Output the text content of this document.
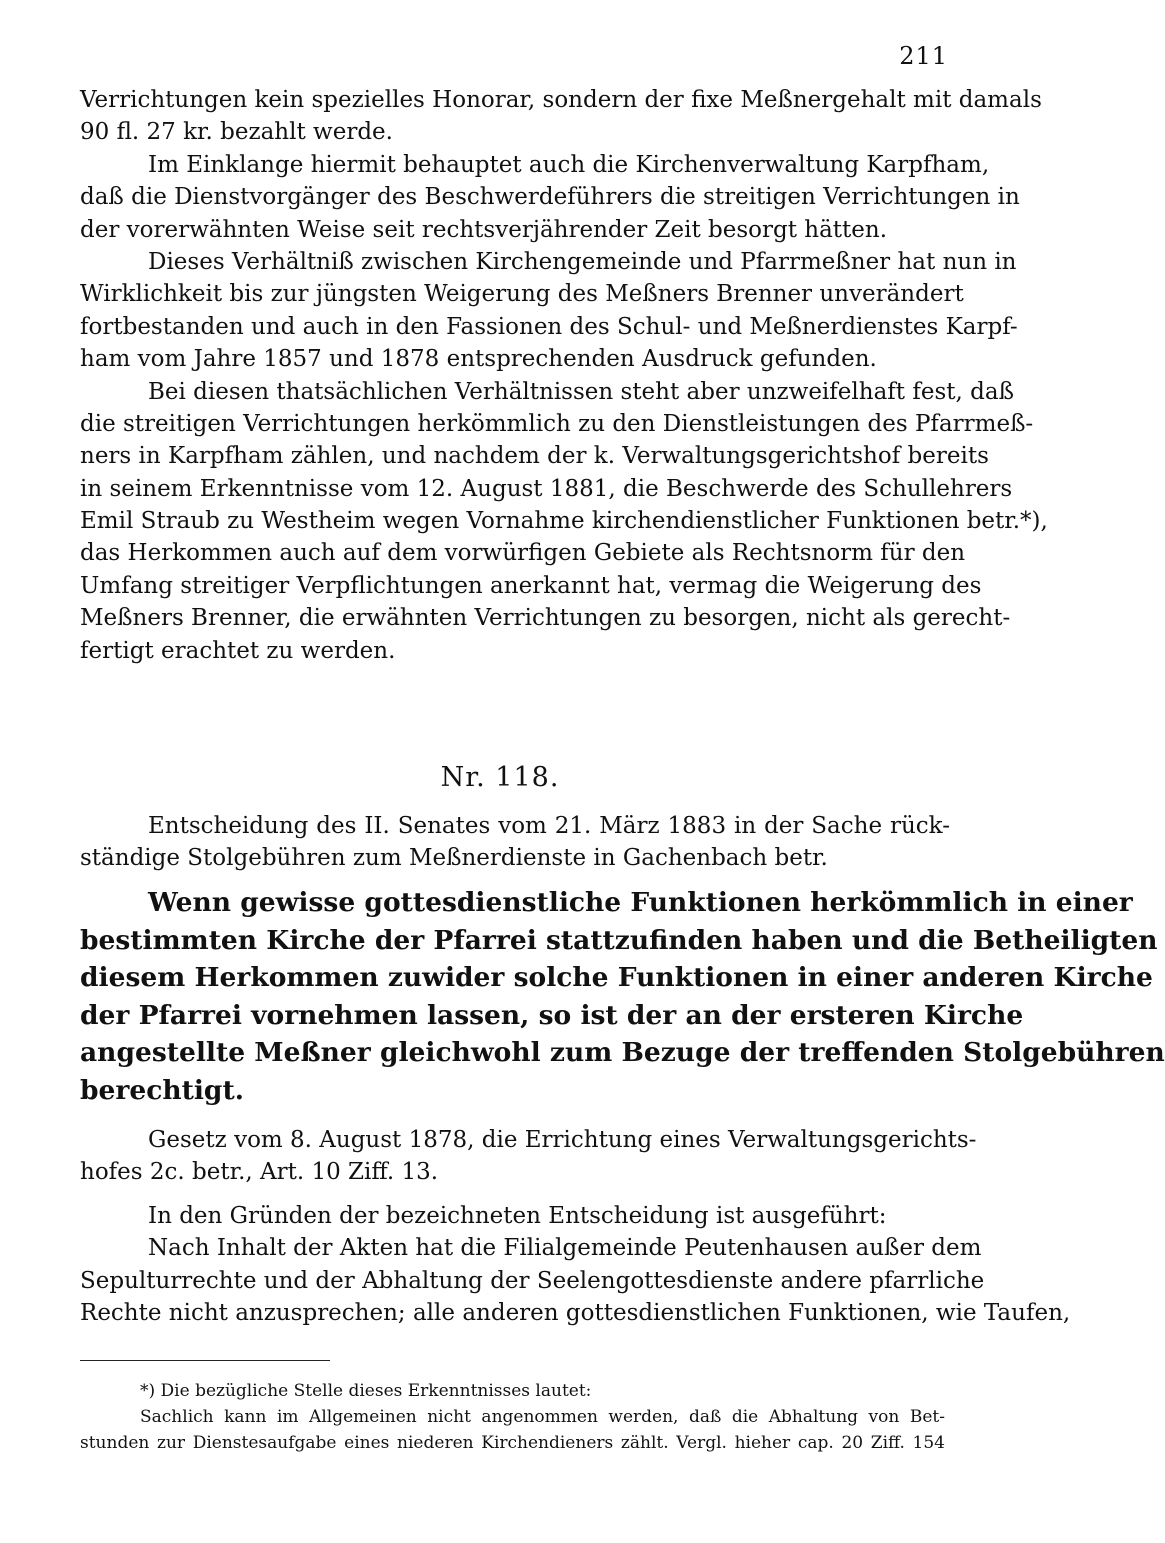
211
Verrichtungen kein spezielles Honorar, sondern der fixe Meßnergehalt mit damals
90 fl. 27 kr. bezahlt werde.
Im Einklange hiermit behauptet auch die Kirchenverwaltung Karpfham,
daß die Dienstvorgänger des Beschwerdeführers die streitigen Verrichtungen in
der vorerwähnten Weise seit rechtsverjährender Zeit besorgt hätten.
Dieses Verhältniß zwischen Kirchengemeinde und Pfarrmeßner hat nun in
Wirklichkeit bis zur jüngsten Weigerung des Meßners Brenner unverändert
fortbestanden und auch in den Fassionen des Schul- und Meßnerdienstes Karpf-
ham vom Jahre 1857 und 1878 entsprechenden Ausdruck gefunden.
Bei diesen thatsächlichen Verhältnissen steht aber unzweifelhaft fest, daß
die streitigen Verrichtungen herkömmlich zu den Dienstleistungen des Pfarrmeß-
ners in Karpfham zählen, und nachdem der k. Verwaltungsgerichtshof bereits
in seinem Erkenntnisse vom 12. August 1881, die Beschwerde des Schullehrers
Emil Straub zu Westheim wegen Vornahme kirchendienstlicher Funktionen betr.*),
das Herkommen auch auf dem vorwürfigen Gebiete als Rechtsnorm für den
Umfang streitiger Verpflichtungen anerkannt hat, vermag die Weigerung des
Meßners Brenner, die erwähnten Verrichtungen zu besorgen, nicht als gerecht-
fertigt erachtet zu werden.
Nr. 118.
Entscheidung des II. Senates vom 21. März 1883 in der Sache rück-
ständige Stolgebühren zum Meßnerdienste in Gachenbach betr.
Wenn gewisse gottesdienstliche Funktionen herkömmlich in einer
bestimmten Kirche der Pfarrei stattzufinden haben und die Betheiligten
diesem Herkommen zuwider solche Funktionen in einer anderen Kirche
der Pfarrei vornehmen lassen, so ist der an der ersteren Kirche
angestellte Meßner gleichwohl zum Bezuge der treffenden Stolgebühren
berechtigt.
Gesetz vom 8. August 1878, die Errichtung eines Verwaltungsgerichts-
hofes 2c. betr., Art. 10 Ziff. 13.
In den Gründen der bezeichneten Entscheidung ist ausgeführt:
Nach Inhalt der Akten hat die Filialgemeinde Peutenhausen außer dem
Sepulturrechte und der Abhaltung der Seelengottesdienste andere pfarrliche
Rechte nicht anzusprechen; alle anderen gottesdienstlichen Funktionen, wie Taufen,
*) Die bezügliche Stelle dieses Erkenntnisses lautet:
Sachlich kann im Allgemeinen nicht angenommen werden, daß die Abhaltung von Bet-
stunden zur Dienstesaufgabe eines niederen Kirchendieners zählt. Vergl. hieher cap. 20 Ziff. 154
